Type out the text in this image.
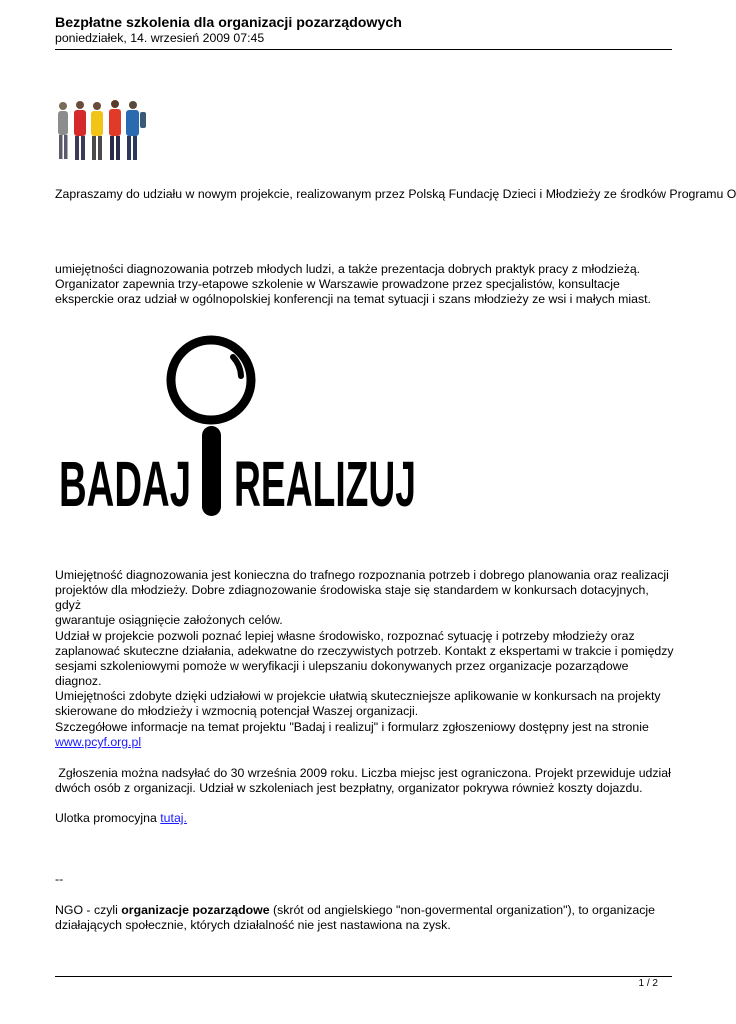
Bezpłatne szkolenia dla organizacji pozarządowych
poniedziałek, 14. wrzesień 2009 07:45
Zapraszamy do udziału w nowym projekcie, realizowanym przez Polską Fundację Dzieci i Młodzieży ze środków Programu O
umiejętności diagnozowania potrzeb młodych ludzi, a także prezentacja dobrych praktyk pracy z młodzieżą.
Organizator zapewnia trzy-etapowe szkolenie w Warszawie prowadzone przez specjalistów, konsultacje
eksperckie oraz udział w ogólnopolskiej konferencji na temat sytuacji i szans młodzieży ze wsi i małych miast.
BADAJ REALIZUJ
Umiejętność diagnozowania jest konieczna do trafnego rozpoznania potrzeb i dobrego planowania oraz realizacji
projektów dla młodzieży. Dobre zdiagnozowanie środowiska staje się standardem w konkursach dotacyjnych, gdyż
gwarantuje osiągnięcie założonych celów.
Udział w projekcie pozwoli poznać lepiej własne środowisko, rozpoznać sytuację i potrzeby młodzieży oraz
zaplanować skuteczne działania, adekwatne do rzeczywistych potrzeb. Kontakt z ekspertami w trakcie i pomiędzy
sesjami szkoleniowymi pomoże w weryfikacji i ulepszaniu dokonywanych przez organizacje pozarządowe diagnoz.
Umiejętności zdobyte dzięki udziałowi w projekcie ułatwią skuteczniejsze aplikowanie w konkursach na projekty
skierowane do młodzieży i wzmocnią potencjał Waszej organizacji.
Szczegółowe informacje na temat projektu "Badaj i realizuj" i formularz zgłoszeniowy dostępny jest na stronie
www.pcyf.org.pl
Zgłoszenia można nadsyłać do 30 września 2009 roku. Liczba miejsc jest ograniczona. Projekt przewiduje udział
dwóch osób z organizacji. Udział w szkoleniach jest bezpłatny, organizator pokrywa również koszty dojazdu.
Ulotka promocyjna tutaj.
--
NGO - czyli organizacje pozarządowe (skrót od angielskiego "non-govermental organization"), to organizacje
działających społecznie, których działalność nie jest nastawiona na zysk.
1 / 2
